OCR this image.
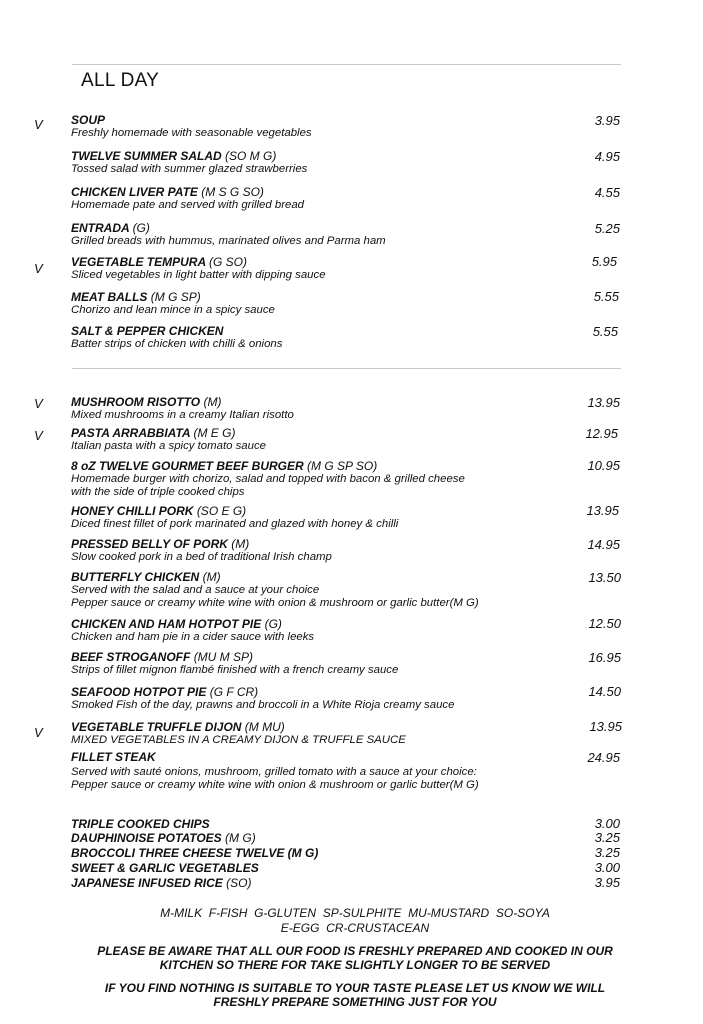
ALL DAY
V SOUP
Freshly homemade with seasonable vegetables
3.95
TWELVE SUMMER SALAD (SO M G)
Tossed salad with summer glazed strawberries
4.95
CHICKEN LIVER PATE (M S G SO)
Homemade pate and served with grilled bread
4.55
ENTRADA (G)
Grilled breads with hummus, marinated olives and Parma ham
5.25
V VEGETABLE TEMPURA (G SO)
Sliced vegetables in light batter with dipping sauce
5.95
MEAT BALLS (M G SP)
Chorizo and lean mince in a spicy sauce
5.55
SALT & PEPPER CHICKEN
Batter strips of chicken with chilli & onions
5.55
V MUSHROOM RISOTTO (M)
Mixed mushrooms in a creamy Italian risotto
13.95
V PASTA ARRABBIATA (M E G)
Italian pasta with a spicy tomato sauce
12.95
8 oZ TWELVE GOURMET BEEF BURGER (M G SP SO)
Homemade burger with chorizo, salad and topped with bacon & grilled cheese
with the side of triple cooked chips
10.95
HONEY CHILLI PORK (SO E G)
Diced finest fillet of pork marinated and glazed with honey & chilli
13.95
PRESSED BELLY OF PORK (M)
Slow cooked pork in a bed of traditional Irish champ
14.95
BUTTERFLY CHICKEN (M)
Served with the salad and a sauce at your choice
Pepper sauce or creamy white wine with onion & mushroom or garlic butter(M G)
13.50
CHICKEN AND HAM HOTPOT PIE (G)
Chicken and ham pie in a cider sauce with leeks
12.50
BEEF STROGANOFF (MU M SP)
Strips of fillet mignon flambé finished with a french creamy sauce
16.95
SEAFOOD HOTPOT PIE (G F CR)
Smoked Fish of the day, prawns and broccoli in a White Rioja creamy sauce
14.50
V VEGETABLE TRUFFLE DIJON (M MU)
MIXED VEGETABLES IN A CREAMY DIJON & TRUFFLE SAUCE
13.95
FILLET STEAK
Served with sauté onions, mushroom, grilled tomato with a sauce at your choice:
Pepper sauce or creamy white wine with onion & mushroom or garlic butter(M G)
24.95
TRIPLE COOKED CHIPS	3.00
DAUPHINOISE POTATOES (M G)	3.25
BROCCOLI THREE CHEESE TWELVE (M G)	3.25
SWEET & GARLIC VEGETABLES	3.00
JAPANESE INFUSED RICE (SO)	3.95
M-MILK  F-FISH  G-GLUTEN  SP-SULPHITE  MU-MUSTARD  SO-SOYA
E-EGG  CR-CRUSTACEAN
PLEASE BE AWARE THAT ALL OUR FOOD IS FRESHLY PREPARED AND COOKED IN OUR
KITCHEN SO THERE FOR TAKE SLIGHTLY LONGER TO BE SERVED
IF YOU FIND NOTHING IS SUITABLE TO YOUR TASTE PLEASE LET US KNOW WE WILL
FRESHLY PREPARE SOMETHING JUST FOR YOU
